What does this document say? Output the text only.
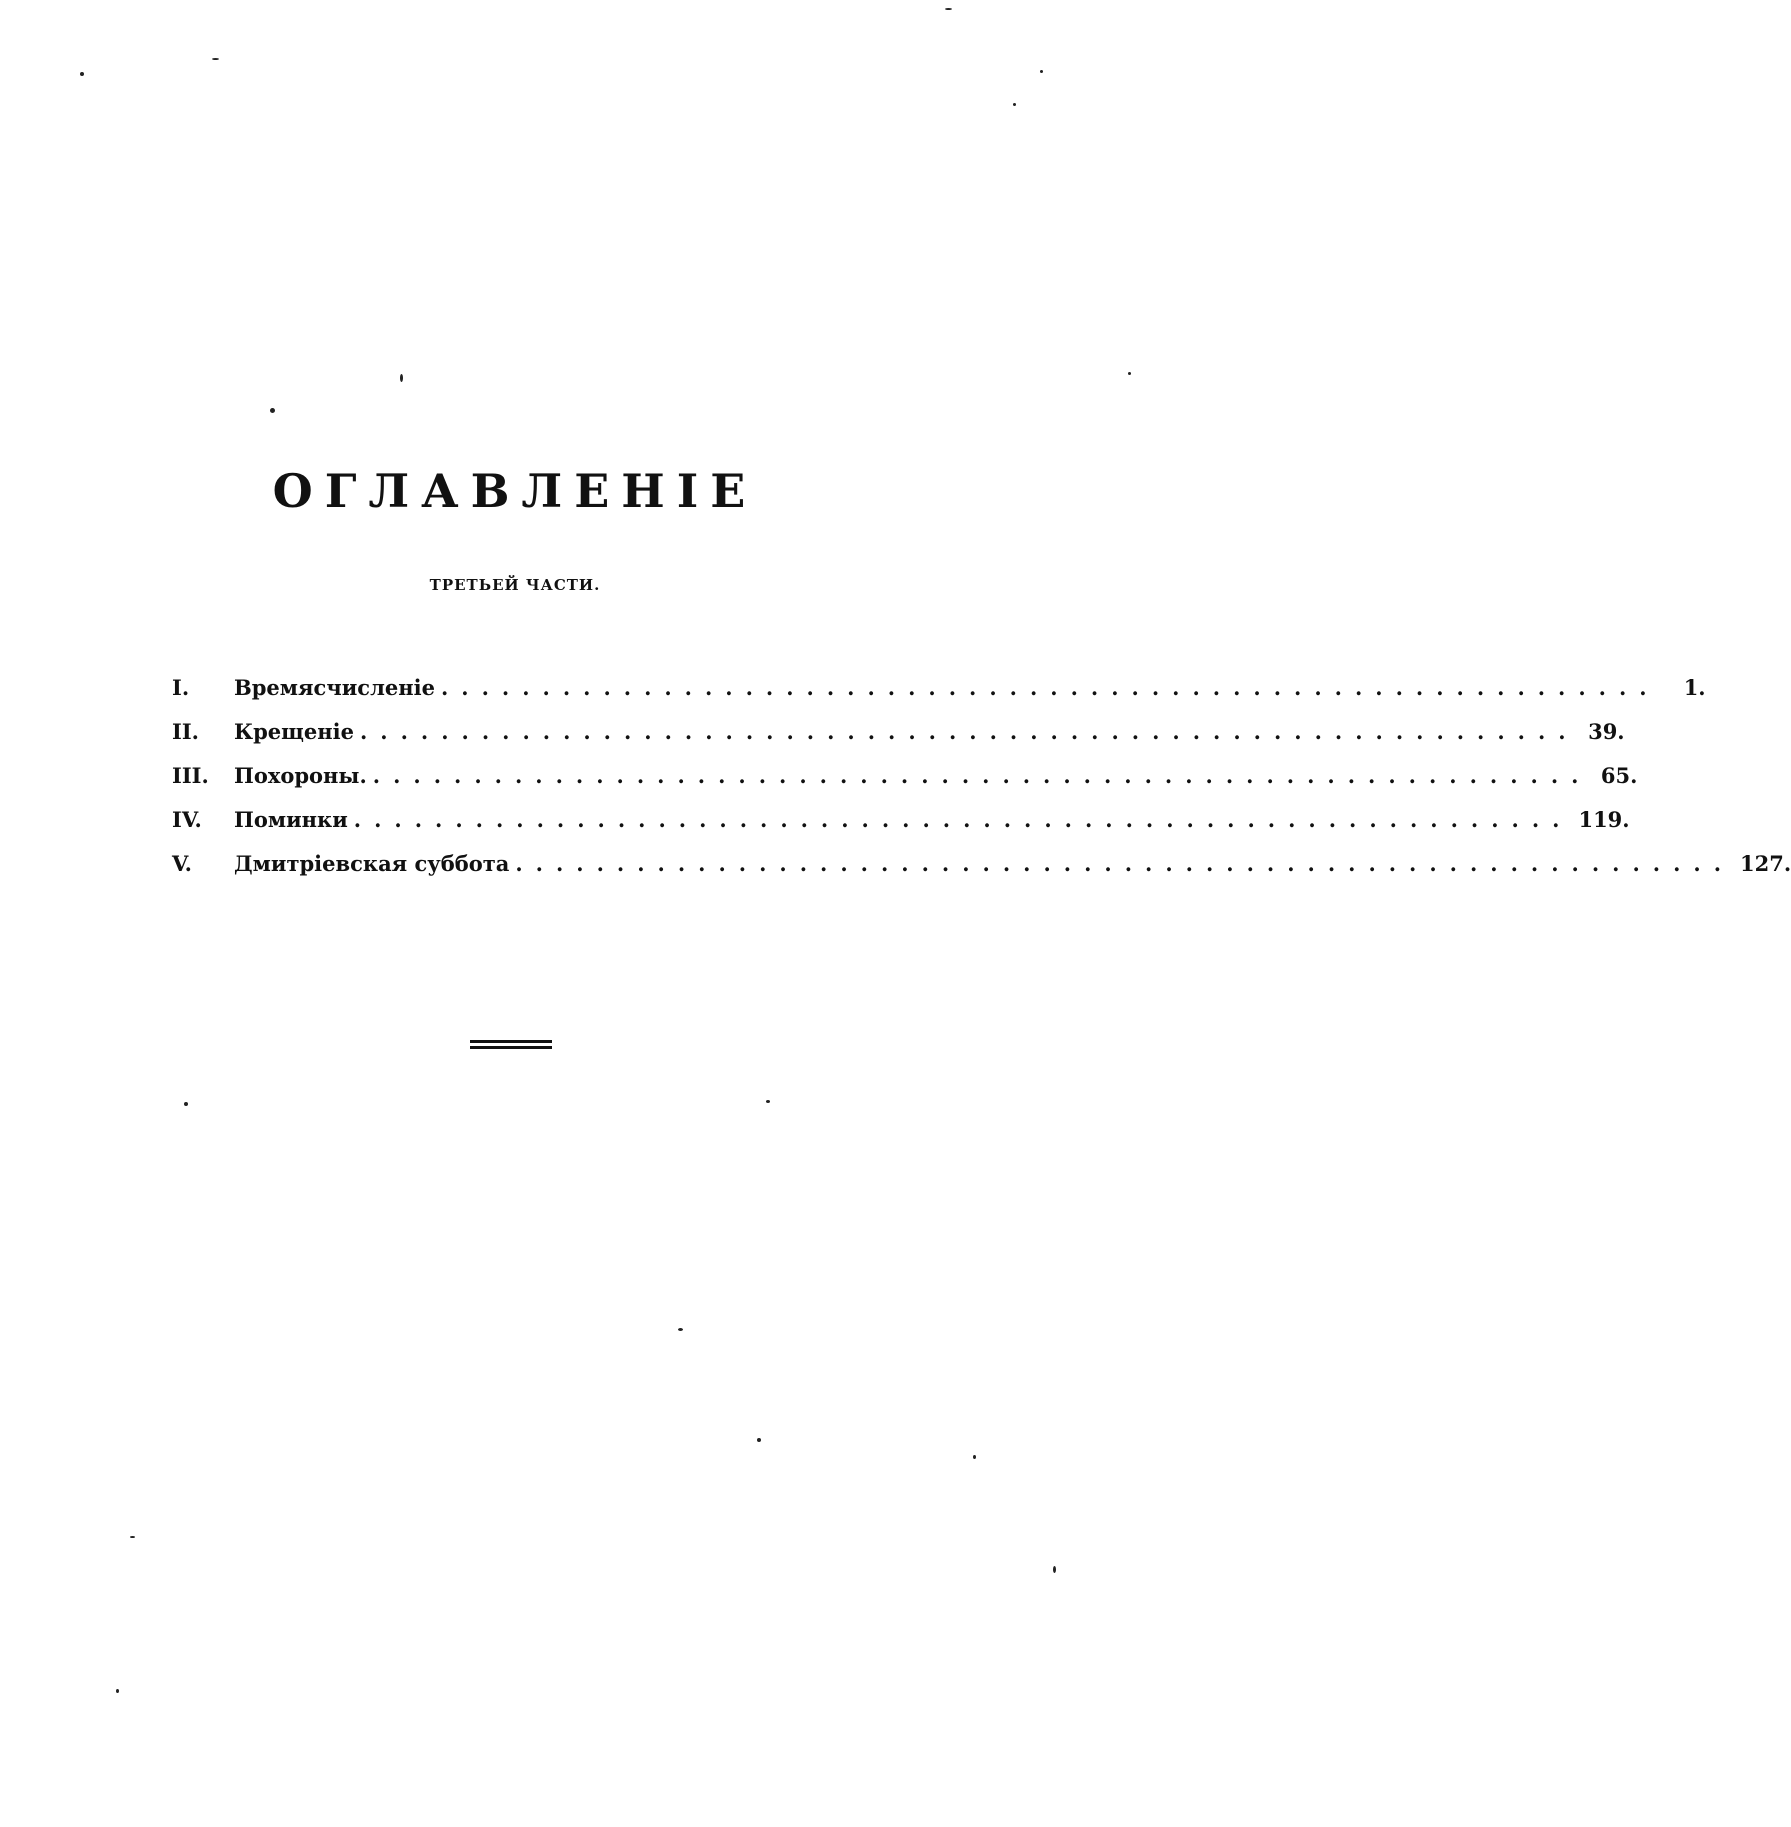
ОГЛАВЛЕНIЕ
ТРЕТЬЕЙ ЧАСТИ.
I.	Времясчисленіе ............................................................	1.
II.	Крещеніе ............................................................ 39.
III.	Похороны. ............................................................ 65.
IV.	Поминки ............................................................ 119.
V.	Дмитріевская суббота ............................................................ 127.
